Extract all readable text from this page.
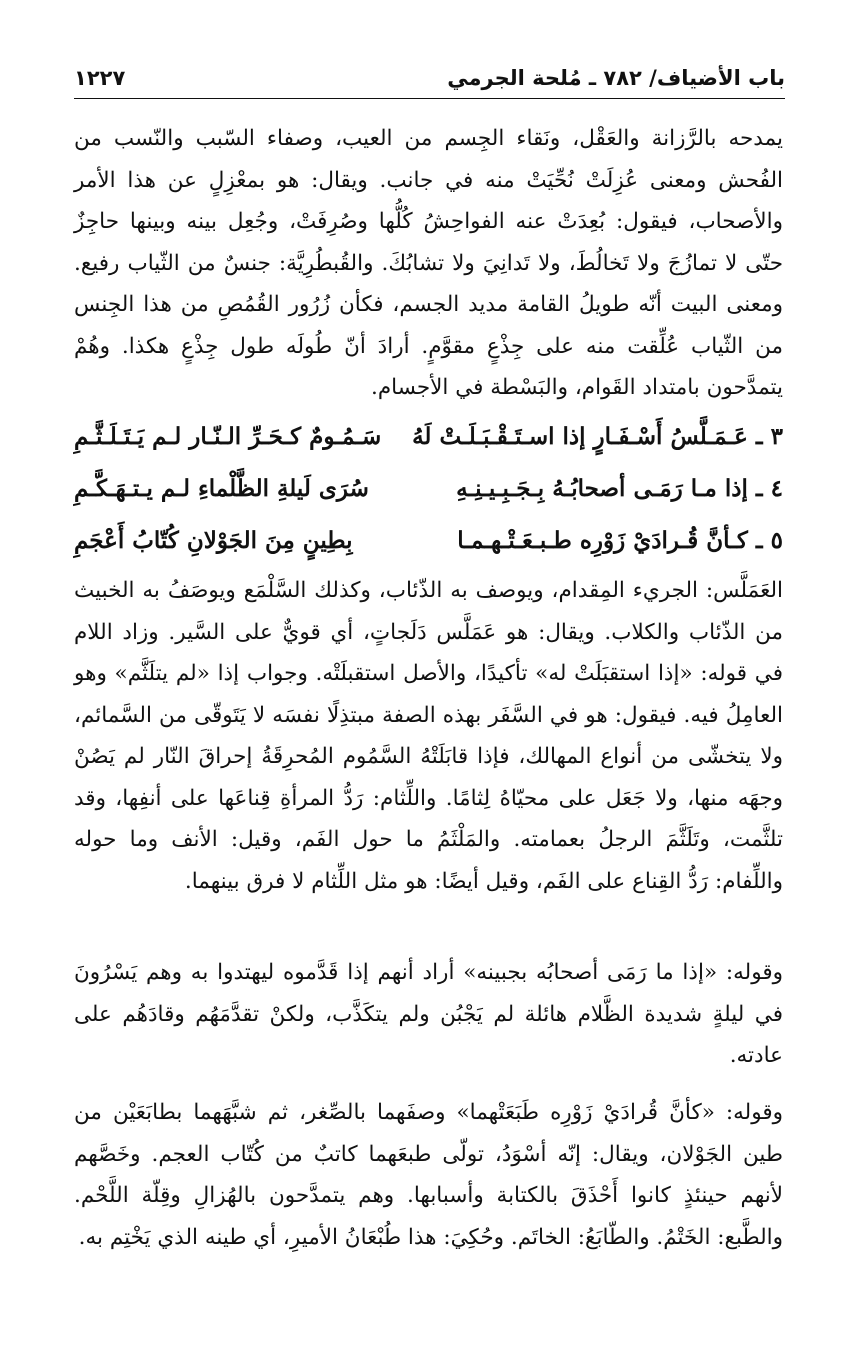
باب الأضياف/ ٧٨٢ ـ مُلحة الجرمي
١٢٢٧
يمدحه بالرَّزانة والعَقْل، ونَقاء الجِسم من العيب، وصفاء السّبب والنّسب من الفُحش ومعنى عُزِلَتْ نُحِّيَتْ منه في جانب. ويقال: هو بمعْزِلٍ عن هذا الأمر والأصحاب، فيقول: بُعِدَتْ عنه الفواحِشُ كُلُّها وصُرِفَتْ، وجُعِل بينه وبينها حاجِزٌ حتّى لا تمازُجَ ولا تَخالُطَ، ولا تَدانِيَ ولا تشابُكَ. والقُبطُرِيَّة: جنسٌ من الثّياب رفيع. ومعنى البيت أنّه طويلُ القامة مديد الجسم، فكأن زُرُور القُمُصِ من هذا الجِنس من الثّياب عُلِّقت منه على جِذْعٍ مقوَّمٍ. أرادَ أنّ طُولَه طول جِذْعٍ هكذا. وهُمْ يتمدَّحون بامتداد القَوام، والبَسْطة في الأجسام.
٣ ـ عَـمَـلَّسُ أَسْـفَـارٍ إذا اسـتَـقْـبَـلَـتْ لَهُ
سَـمُـومٌ كـحَـرِّ الـنّـار لـم يَـتَـلَـثَّـمِ
٤ ـ إذا مـا رَمَـى أصحابُـهُ بِـجَـبِـيـنِـهِ
سُرَى لَيلةِ الظَّلْماءِ لـم يـتـهَـكَّـمِ
٥ ـ كـأنَّ قُـرادَيْ زَوْرِه طـبـعَـتْـهـمـا
بِطِينٍ مِنَ الجَوْلانِ كُتّابُ أَعْجَمِ
العَمَلَّس: الجريء المِقدام، ويوصف به الذّئاب، وكذلك السَّلْمَع ويوصَفُ به الخبيث من الذّئاب والكلاب. ويقال: هو عَمَلَّس دَلَجاتٍ، أي قويٌّ على السَّير. وزاد اللام في قوله: «إذا استقبَلَتْ له» تأكيدًا، والأصل استقبلَتْه. وجواب إذا «لم يتلَثَّم» وهو العامِلُ فيه. فيقول: هو في السَّفَر بهذه الصفة مبتذِلًا نفسَه لا يَتَوقّى من السَّمائم، ولا يتخشّى من أنواع المهالك، فإذا قابَلَتْهُ السَّمُوم المُحرِقَةُ إحراقَ النّار لم يَصُنْ وجهَه منها، ولا جَعَل على محيّاهُ لِثامًا. واللِّثام: رَدُّ المرأةِ قِناعَها على أنفِها، وقد تلثَّمت، وتَلَثَّمَ الرجلُ بعمامته. والمَلْثَمُ ما حول الفَم، وقيل: الأنف وما حوله واللِّفام: رَدُّ القِناع على الفَم، وقيل أيضًا: هو مثل اللِّثام لا فرق بينهما.
وقوله: «إذا ما رَمَى أصحابُه بجبينه» أراد أنهم إذا قَدَّموه ليهتدوا به وهم يَسْرُونَ في ليلةٍ شديدة الظَّلام هائلة لم يَجْبُن ولم يتكَذَّب، ولكنْ تقدَّمَهُم وقادَهُم على عادته.
وقوله: «كأنَّ قُرادَيْ زَوْرِه طَبَعَتْهما» وصفَهما بالصِّغر، ثم شبَّهَهما بطابَعَيْن من طين الجَوْلان، ويقال: إنّه أسْوَدُ، تولّى طبعَهما كاتبٌ من كُتّاب العجم. وخَصَّهم لأنهم حينئذٍ كانوا أَحْذَقَ بالكتابة وأسبابها. وهم يتمدَّحون بالهُزالِ وقِلّة اللَّحْم. والطَّبع: الخَتْمُ. والطّابَعُ: الخاتَم. وحُكِيَ: هذا طُبْعَانُ الأميرِ، أي طينه الذي يَخْتِم به.
